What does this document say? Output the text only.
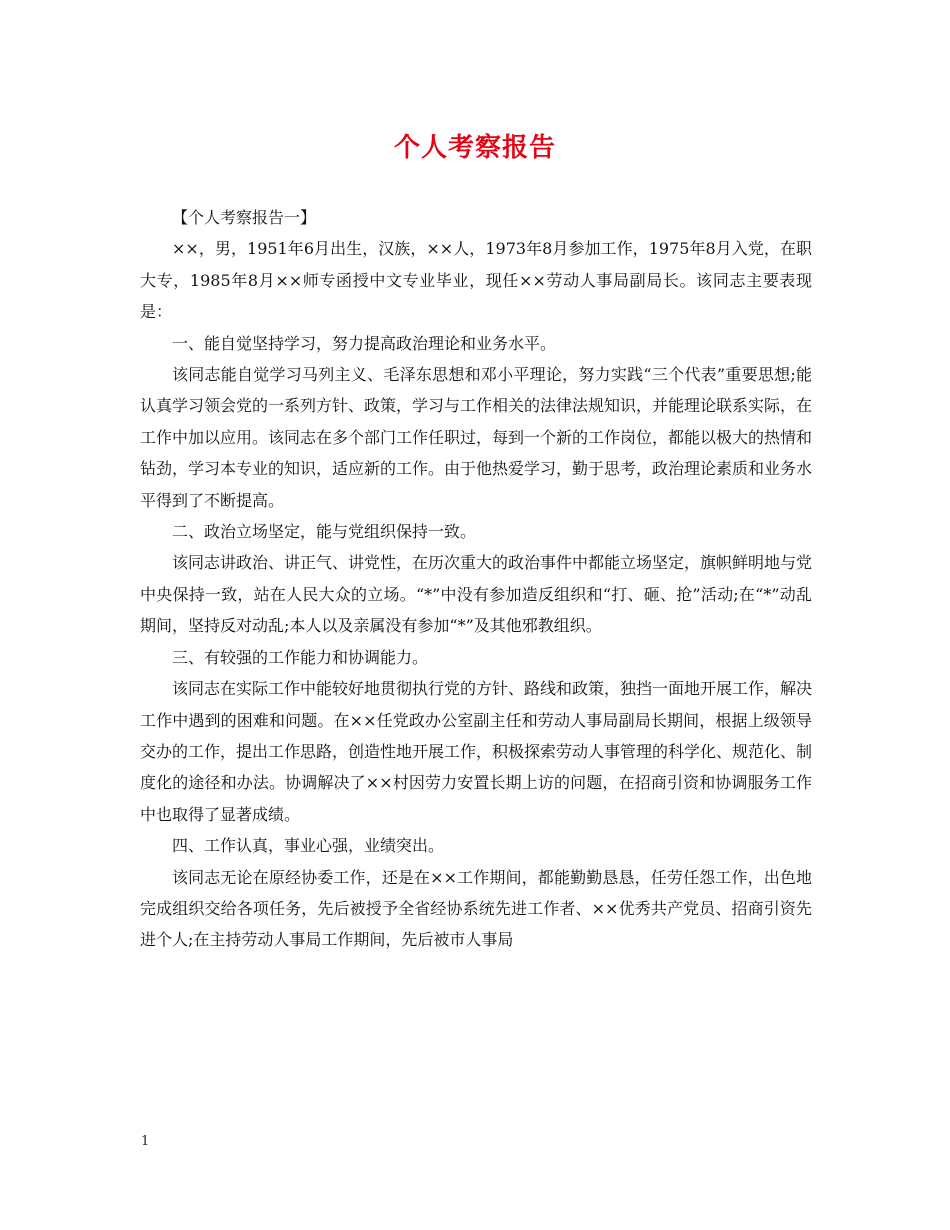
个人考察报告

【个人考察报告一】

××，男，1951年6月出生，汉族，××人，1973年8月参加工作，1975年8月入党，在职大专，1985年8月××师专函授中文专业毕业，现任××劳动人事局副局长。该同志主要表现是：

一、能自觉坚持学习，努力提高政治理论和业务水平。

该同志能自觉学习马列主义、毛泽东思想和邓小平理论，努力实践“三个代表”重要思想;能认真学习领会党的一系列方针、政策，学习与工作相关的法律法规知识，并能理论联系实际，在工作中加以应用。该同志在多个部门工作任职过，每到一个新的工作岗位，都能以极大的热情和钻劲，学习本专业的知识，适应新的工作。由于他热爱学习，勤于思考，政治理论素质和业务水平得到了不断提高。

二、政治立场坚定，能与党组织保持一致。

该同志讲政治、讲正气、讲党性，在历次重大的政治事件中都能立场坚定，旗帜鲜明地与党中央保持一致，站在人民大众的立场。“*”中没有参加造反组织和“打、砸、抢”活动;在“*”动乱期间，坚持反对动乱;本人以及亲属没有参加“*”及其他邪教组织。

三、有较强的工作能力和协调能力。

该同志在实际工作中能较好地贯彻执行党的方针、路线和政策，独挡一面地开展工作，解决工作中遇到的困难和问题。在××任党政办公室副主任和劳动人事局副局长期间，根据上级领导交办的工作，提出工作思路，创造性地开展工作，积极探索劳动人事管理的科学化、规范化、制度化的途径和办法。协调解决了××村因劳力安置长期上访的问题，在招商引资和协调服务工作中也取得了显著成绩。

四、工作认真，事业心强，业绩突出。

该同志无论在原经协委工作，还是在××工作期间，都能勤勤恳恳，任劳任怨工作，出色地完成组织交给各项任务，先后被授予全省经协系统先进工作者、××优秀共产党员、招商引资先进个人;在主持劳动人事局工作期间，先后被市人事局

1
